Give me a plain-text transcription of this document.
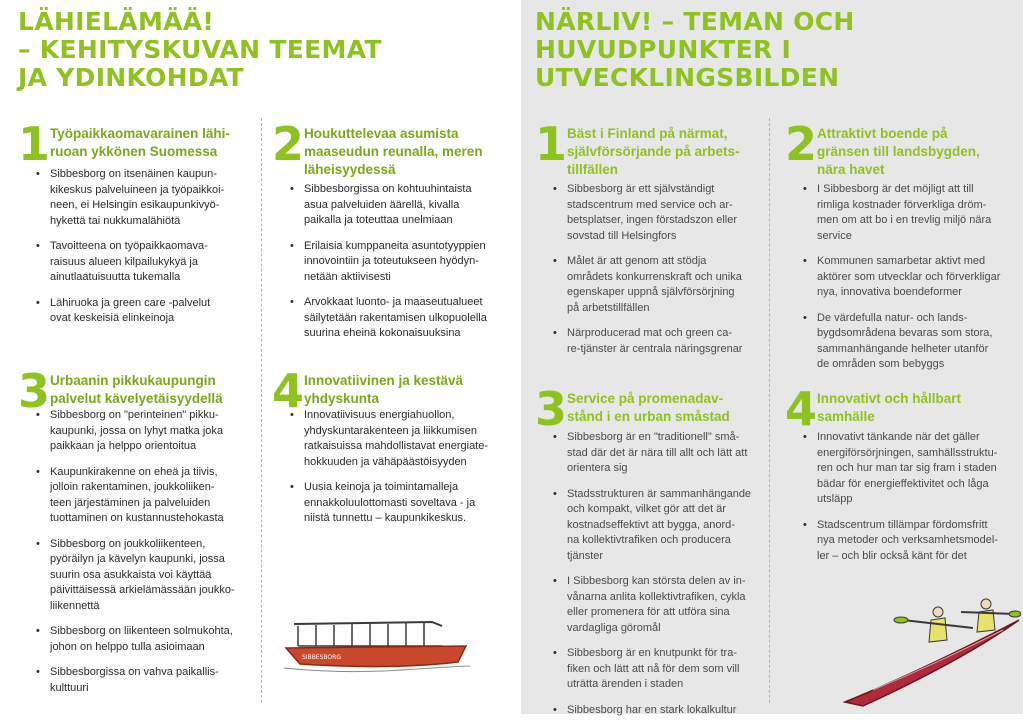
LÄHIELÄMÄÄ!
– KEHITYSKUVAN TEEMAT
JA YDINKOHDAT
1 Työpaikkaomavarainen lähi-
ruoan ykkönen Suomessa
• Sibbesborg on itsenäinen kaupun-
kikeskus palveluineen ja työpaikkoi-
neen, ei Helsingin esikaupunkivyö-
hykettä tai nukkumalähiötä
• Tavoitteena on työpaikkaomava-
raisuus alueen kilpailukykyä ja
ainutlaatuisuutta tukemalla
• Lähiruoka ja green care -palvelut
ovat keskeisiä elinkeinoja
2 Houkuttelevaa asumista
maaseudun reunalla, meren
läheisyydessä
• Sibbesborgissa on kohtuuhintaista
asua palveluiden äärellä, kivalla
paikalla ja toteuttaa unelmiaan
• Erilaisia kumppaneita asuntotyyppien
innovointiin ja toteutukseen hyödyn-
netään aktiivisesti
• Arvokkaat luonto- ja maaseutualueet
säilytetään rakentamisen ulkopuolella
suurina eheinä kokonaisuuksina
3 Urbaanin pikkukaupungin
palvelut kävelyetäisyydellä
• Sibbesborg on "perinteinen" pikku-
kaupunki, jossa on lyhyt matka joka
paikkaan ja helppo orientoitua
• Kaupunkirakenne on eheä ja tiivis,
jolloin rakentaminen, joukkoliiken-
teen järjestäminen ja palveluiden
tuottaminen on kustannustehokasta
• Sibbesborg on joukkoliikenteen,
pyöräilyn ja kävelyn kaupunki, jossa
suurin osa asukkaista voi käyttää
päivittäisessä arkielämässään joukko-
liikennettä
• Sibbesborg on liikenteen solmukohta,
johon on helppo tulla asioimaan
• Sibbesborgissa on vahva paikallis-
kulttuuri
4 Innovatiivinen ja kestävä
yhdyskunta
• Innovatiivisuus energiahuollon,
yhdyskuntarakenteen ja liikkumisen
ratkaisuissa mahdollistavat energiate-
hokkuuden ja vähäpäästöisyyden
• Uusia keinoja ja toimintamalleja
ennakkoluulottomasti soveltava - ja
niistä tunnettu – kaupunkikeskus.
SIBBESBORG
NÄRLIV! – TEMAN OCH
HUVUDPUNKTER I
UTVECKLINGSBILDEN
1 Bäst i Finland på närmat,
självförsörjande på arbets-
tillfällen
• Sibbesborg är ett självständigt
stadscentrum med service och ar-
betsplatser, ingen förstadszon eller
sovstad till Helsingfors
• Målet är att genom att stödja
områdets konkurrenskraft och unika
egenskaper uppnå självförsörjning
på arbetstillfällen
• Närproducerad mat och green ca-
re-tjänster är centrala näringsgrenar
2 Attraktivt boende på
gränsen till landsbygden,
nära havet
• I Sibbesborg är det möjligt att till
rimliga kostnader förverkliga dröm-
men om att bo i en trevlig miljö nära
service
• Kommunen samarbetar aktivt med
aktörer som utvecklar och förverkligar
nya, innovativa boendeformer
• De värdefulla natur- och lands-
bygdsområdena bevaras som stora,
sammanhängande helheter utanför
de områden som bebyggs
3 Service på promenadav-
stånd i en urban småstad
• Sibbesborg är en "traditionell" små-
stad där det är nära till allt och lätt att
orientera sig
• Stadsstrukturen är sammanhängande
och kompakt, vilket gör att det är
kostnadseffektivt att bygga, anord-
na kollektivtrafiken och producera
tjänster
• I Sibbesborg kan största delen av in-
vånarna anlita kollektivtrafiken, cykla
eller promenera för att utföra sina
vardagliga göromål
• Sibbesborg är en knutpunkt för tra-
fiken och lätt att nå för dem som vill
uträtta ärenden i staden
• Sibbesborg har en stark lokalkultur
4 Innovativt och hållbart
samhälle
• Innovativt tänkande när det gäller
energiförsörjningen, samhällsstruktu-
ren och hur man tar sig fram i staden
bädar för energieffektivitet och låga
utsläpp
• Stadscentrum tillämpar fördomsfritt
nya metoder och verksamhetsmodel-
ler – och blir också känt för det
